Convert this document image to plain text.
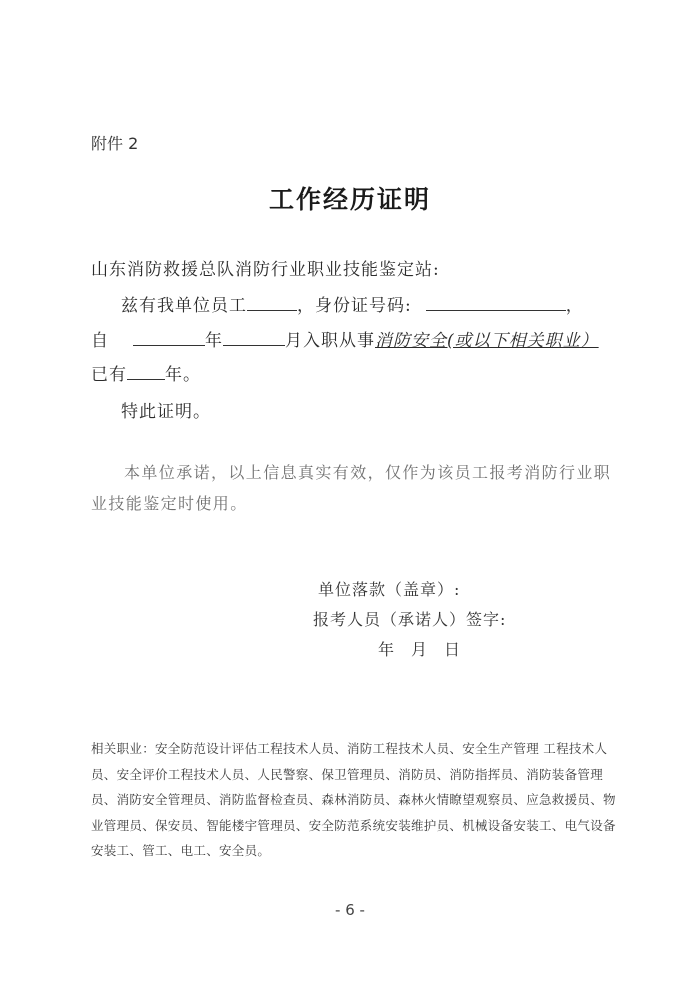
附件 2
工作经历证明
山东消防救援总队消防行业职业技能鉴定站:
兹有我单位员工	，身份证号码:	，
自	年	月入职从事消防安全(或以下相关职业）
已有 年。
特此证明。
本单位承诺，以上信息真实有效，仅作为该员工报考消防行业职业技能鉴定时使用。
单位落款（盖章）:
报考人员（承诺人）签字:
年 月 日
相关职业：安全防范设计评估工程技术人员、消防工程技术人员、安全生产管理 工程技术人员、安全评价工程技术人员、人民警察、保卫管理员、消防员、消防指挥员、消防装备管理员、消防安全管理员、消防监督检查员、森林消防员、森林火情瞭望观察员、应急救援员、物业管理员、保安员、智能楼宇管理员、安全防范系统安装维护员、机械设备安装工、电气设备安装工、管工、电工、安全员。
- 6 -
